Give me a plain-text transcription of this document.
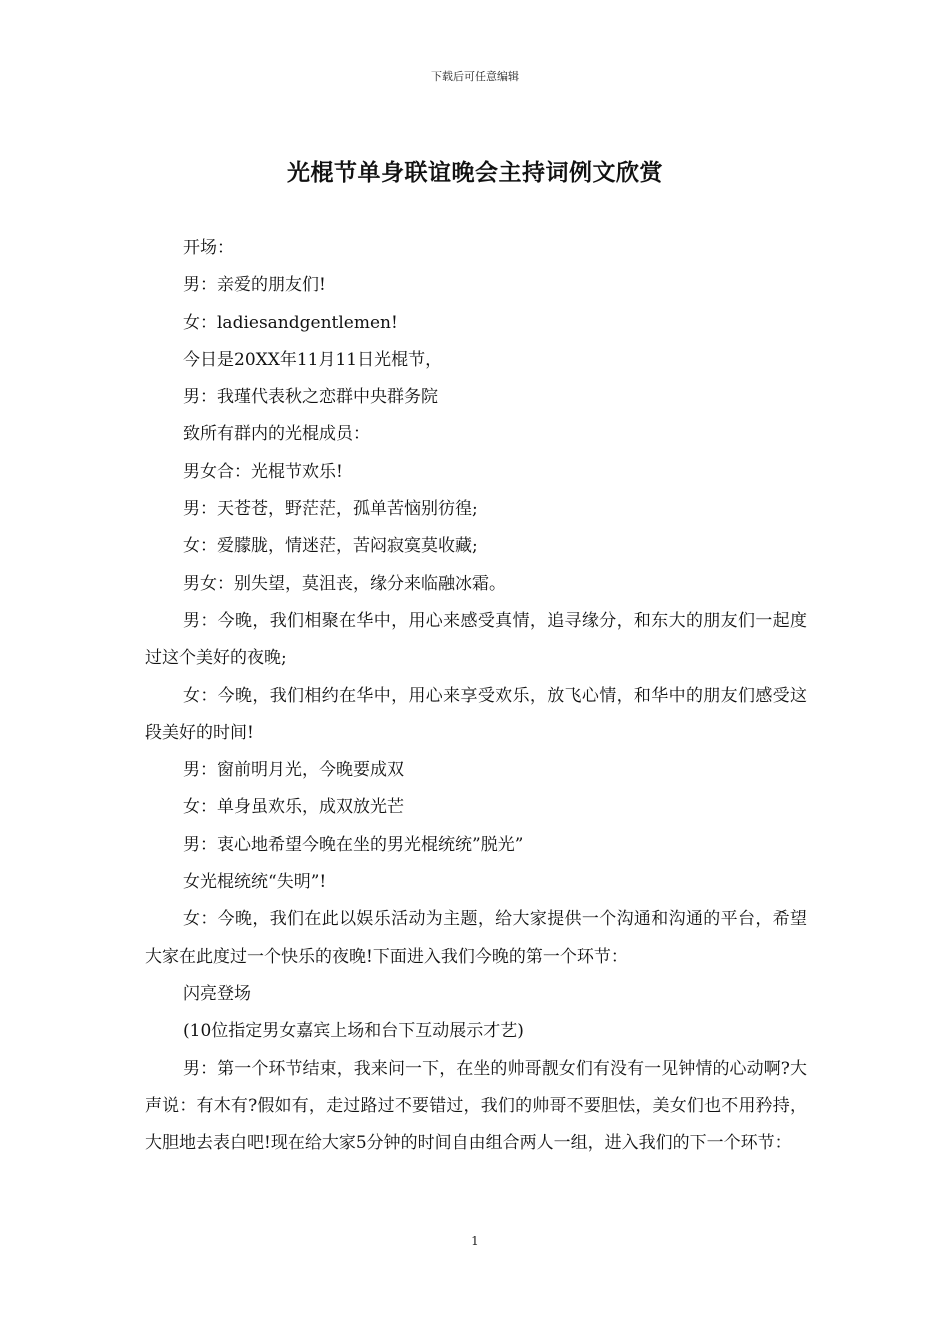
下载后可任意编辑
光棍节单身联谊晚会主持词例文欣赏

开场：

男：亲爱的朋友们!

女：ladiesandgentlemen!

今日是20XX年11月11日光棍节，

男：我瑾代表秋之恋群中央群务院

致所有群内的光棍成员：

男女合：光棍节欢乐!

男：天苍苍，野茫茫，孤单苦恼别彷徨;

女：爱朦胧，情迷茫，苦闷寂寞莫收藏;

男女：别失望，莫沮丧，缘分来临融冰霜。

男：今晚，我们相聚在华中，用心来感受真情，追寻缘分，和东大的朋友们一起度过这个美好的夜晚;

女：今晚，我们相约在华中，用心来享受欢乐，放飞心情，和华中的朋友们感受这段美好的时间!

男：窗前明月光，今晚要成双

女：单身虽欢乐，成双放光芒

男：衷心地希望今晚在坐的男光棍统统”脱光”

女光棍统统“失明”!

女：今晚，我们在此以娱乐活动为主题，给大家提供一个沟通和沟通的平台，希望大家在此度过一个快乐的夜晚!下面进入我们今晚的第一个环节：

闪亮登场

(10位指定男女嘉宾上场和台下互动展示才艺)

男：第一个环节结束，我来问一下，在坐的帅哥靓女们有没有一见钟情的心动啊?大声说：有木有?假如有，走过路过不要错过，我们的帅哥不要胆怯，美女们也不用矜持，大胆地去表白吧!现在给大家5分钟的时间自由组合两人一组，进入我们的下一个环节：

1
